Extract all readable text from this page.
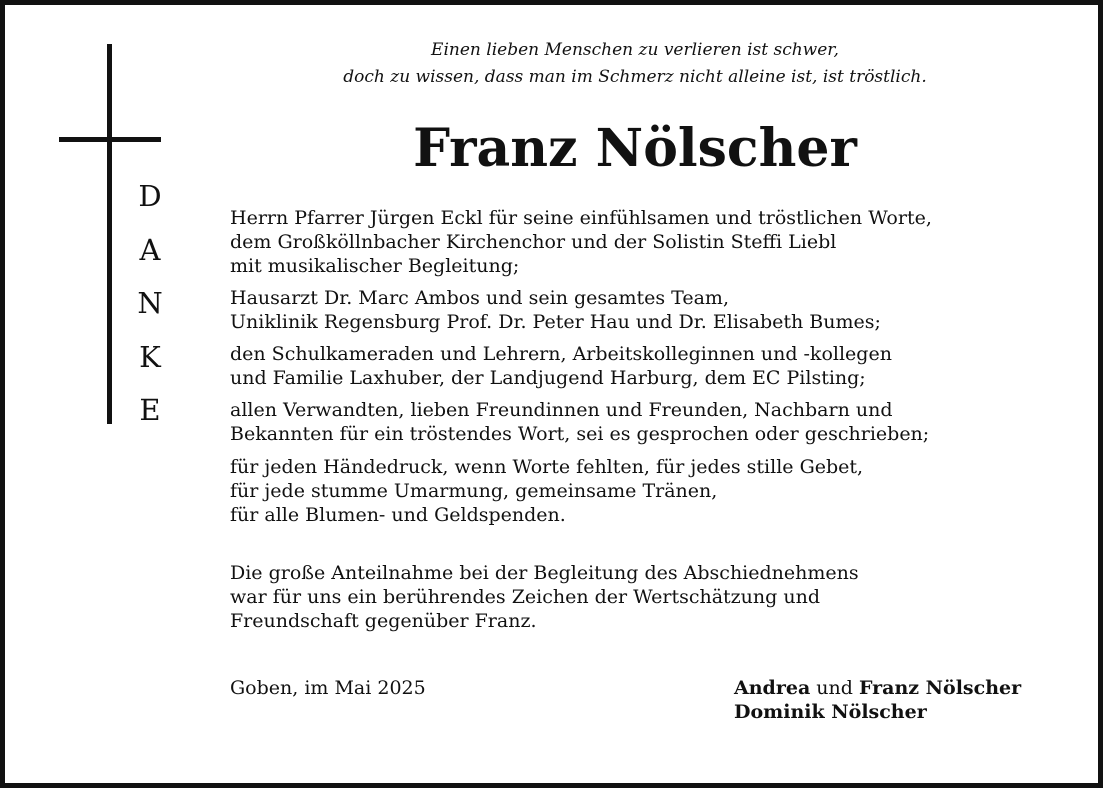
D
A
N
K
E
Einen lieben Menschen zu verlieren ist schwer,
doch zu wissen, dass man im Schmerz nicht alleine ist, ist tröstlich.
Franz Nölscher
Herrn Pfarrer Jürgen Eckl für seine einfühlsamen und tröstlichen Worte,
dem Großköllnbacher Kirchenchor und der Solistin Steffi Liebl
mit musikalischer Begleitung;
Hausarzt Dr. Marc Ambos und sein gesamtes Team,
Uniklinik Regensburg Prof. Dr. Peter Hau und Dr. Elisabeth Bumes;
den Schulkameraden und Lehrern, Arbeitskolleginnen und -kollegen
und Familie Laxhuber, der Landjugend Harburg, dem EC Pilsting;
allen Verwandten, lieben Freundinnen und Freunden, Nachbarn und
Bekannten für ein tröstendes Wort, sei es gesprochen oder geschrieben;
für jeden Händedruck, wenn Worte fehlten, für jedes stille Gebet,
für jede stumme Umarmung, gemeinsame Tränen,
für alle Blumen- und Geldspenden.
Die große Anteilnahme bei der Begleitung des Abschiednehmens
war für uns ein berührendes Zeichen der Wertschätzung und
Freundschaft gegenüber Franz.
Goben, im Mai 2025	Andrea und Franz Nölscher
Dominik Nölscher
